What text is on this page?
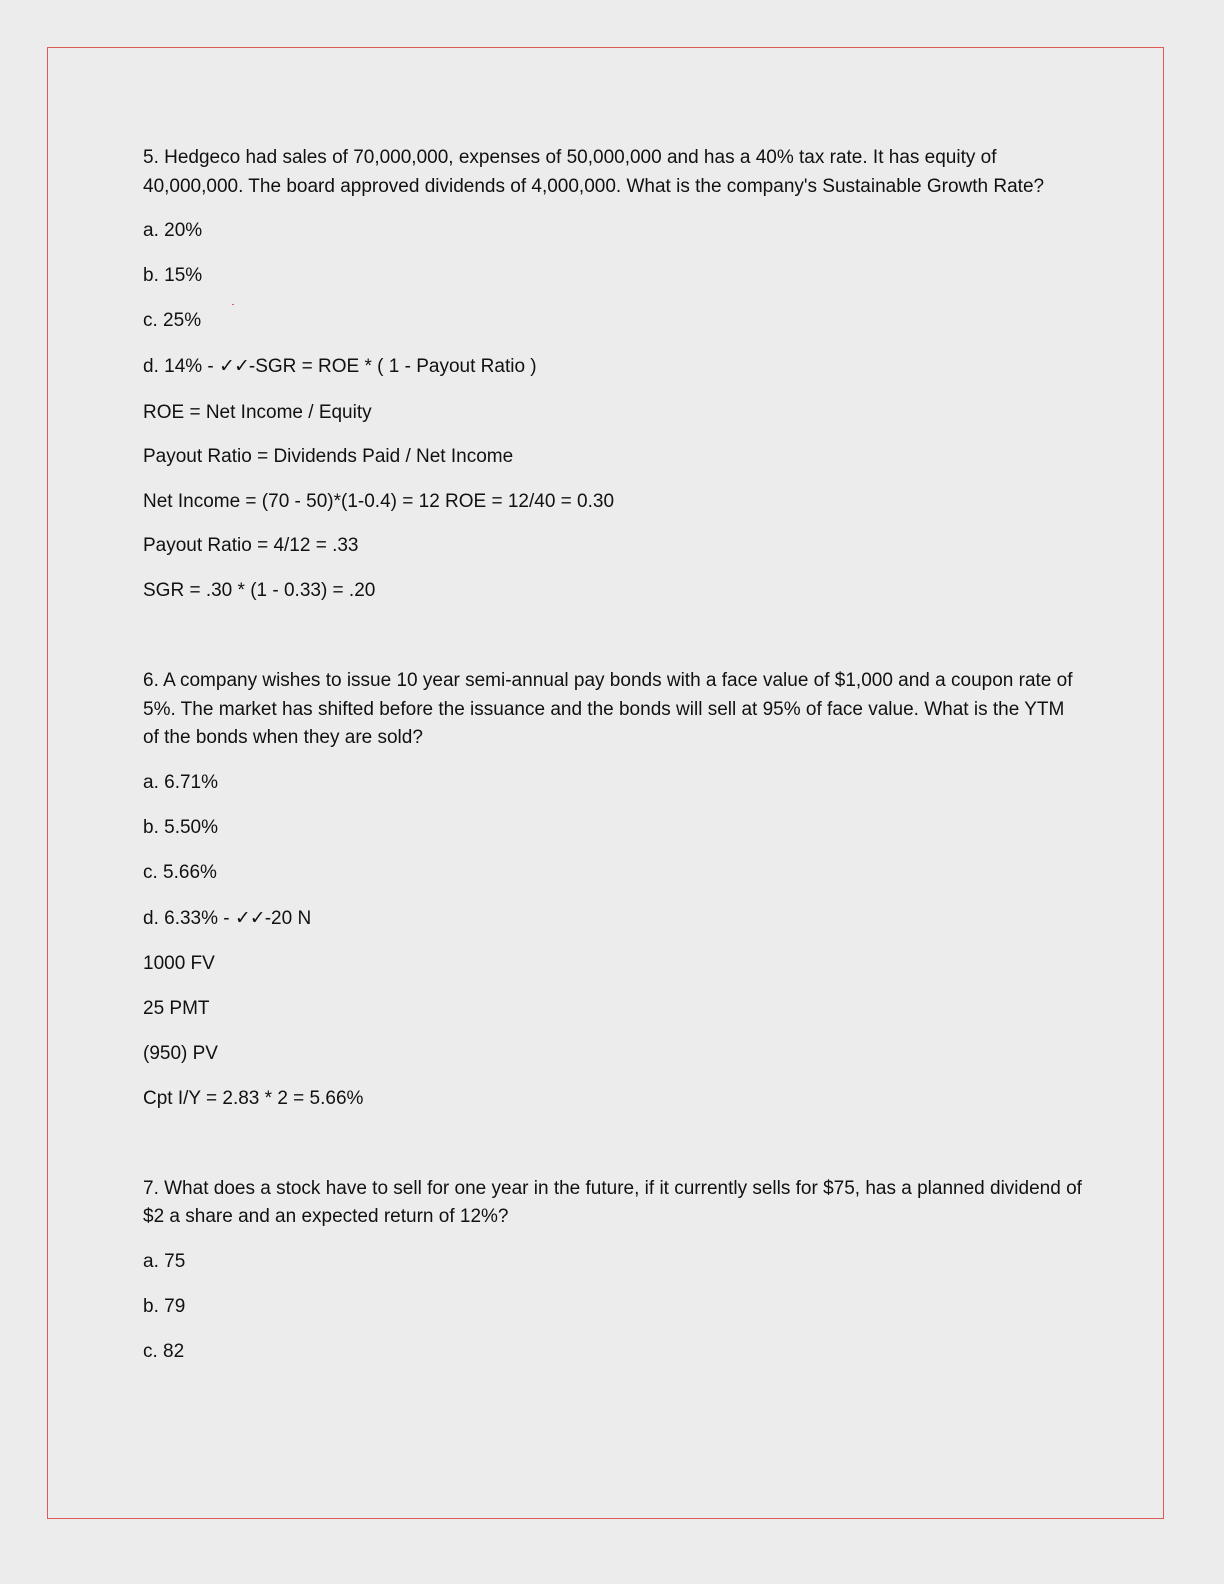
5. Hedgeco had sales of 70,000,000, expenses of 50,000,000 and has a 40% tax rate. It has equity of 40,000,000. The board approved dividends of 4,000,000. What is the company's Sustainable Growth Rate?

a. 20%

b. 15%

c. 25%

d. 14% - ✓✓-SGR = ROE * ( 1 - Payout Ratio )

ROE = Net Income / Equity

Payout Ratio = Dividends Paid / Net Income

Net Income = (70 - 50)*(1-0.4) = 12 ROE = 12/40 = 0.30

Payout Ratio = 4/12 = .33

SGR = .30 * (1 - 0.33) = .20

6. A company wishes to issue 10 year semi-annual pay bonds with a face value of $1,000 and a coupon rate of 5%. The market has shifted before the issuance and the bonds will sell at 95% of face value. What is the YTM of the bonds when they are sold?

a. 6.71%

b. 5.50%

c. 5.66%

d. 6.33% - ✓✓-20 N

1000 FV

25 PMT

(950) PV

Cpt I/Y = 2.83 * 2 = 5.66%

7. What does a stock have to sell for one year in the future, if it currently sells for $75, has a planned dividend of $2 a share and an expected return of 12%?

a. 75

b. 79

c. 82
